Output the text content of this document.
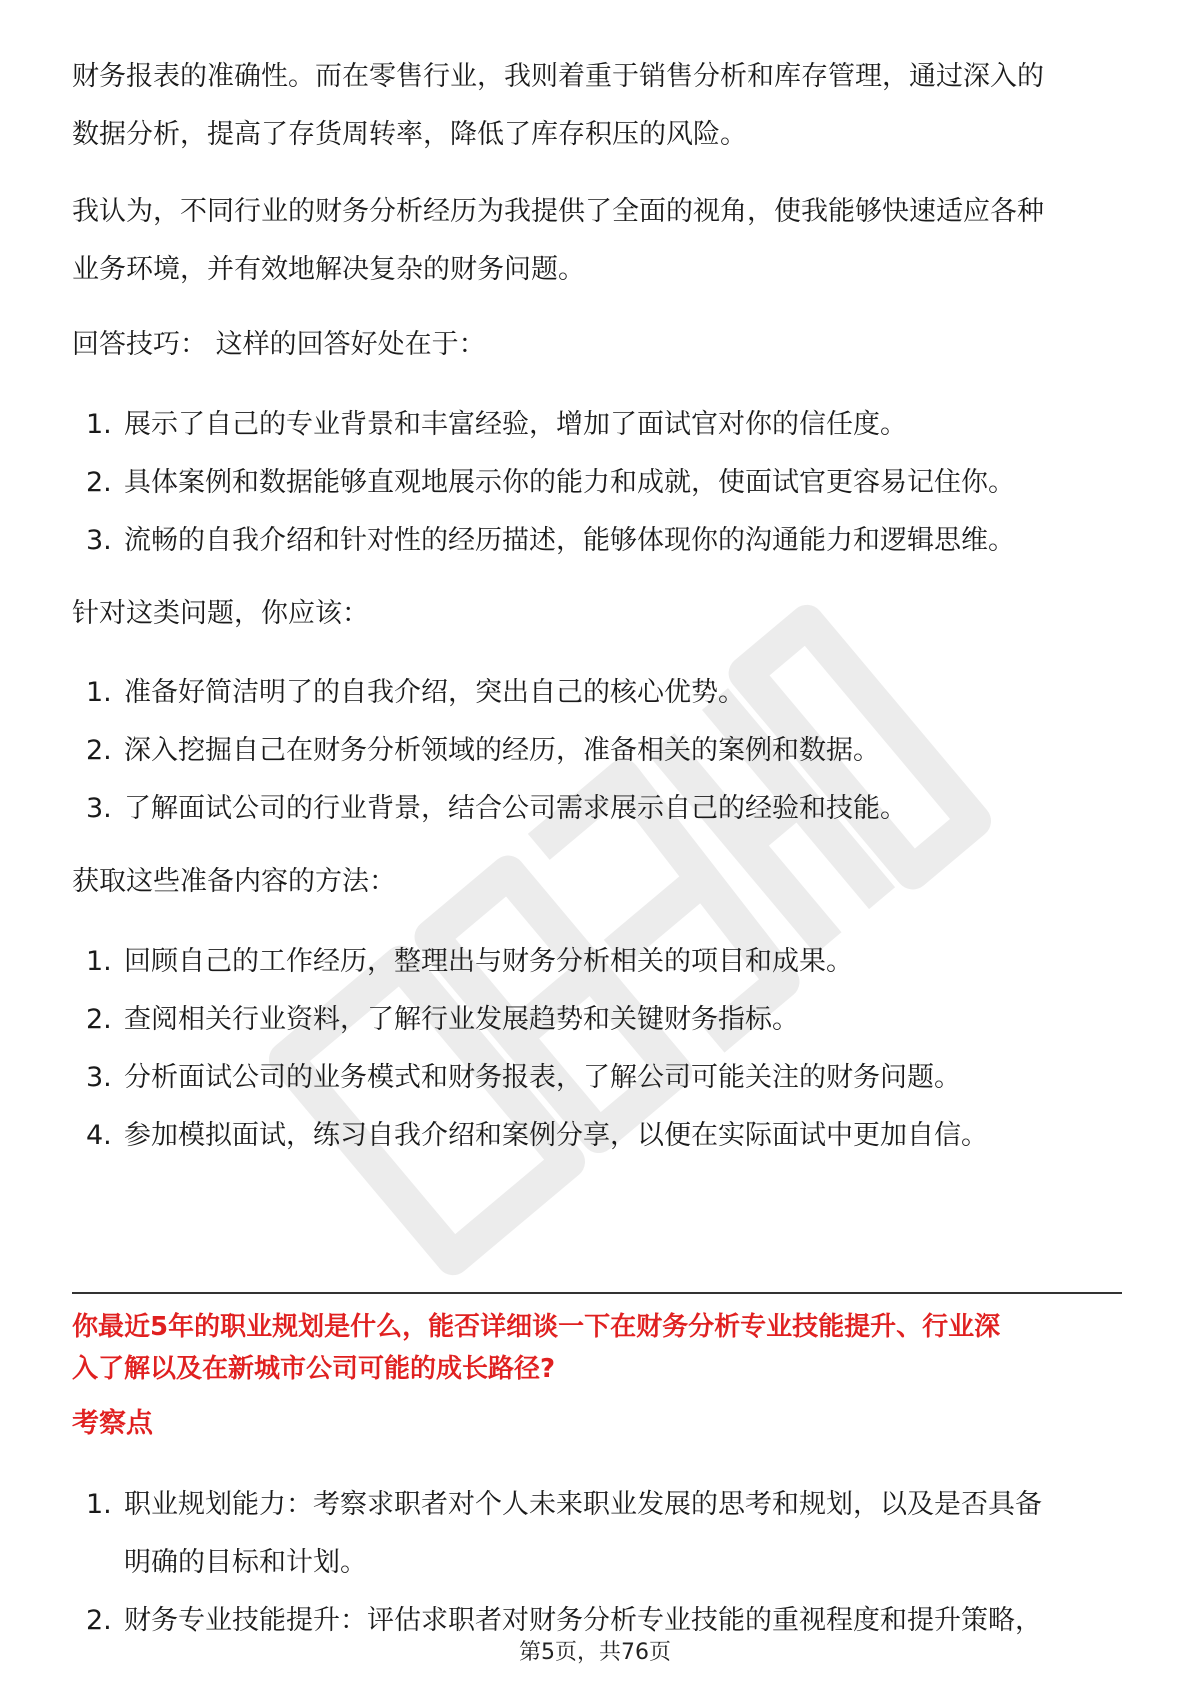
财务报表的准确性。而在零售行业，我则着重于销售分析和库存管理，通过深入的
数据分析，提高了存货周转率，降低了库存积压的风险。

我认为，不同行业的财务分析经历为我提供了全面的视角，使我能够快速适应各种
业务环境，并有效地解决复杂的财务问题。

回答技巧： 这样的回答好处在于：

1. 展示了自己的专业背景和丰富经验，增加了面试官对你的信任度。
2. 具体案例和数据能够直观地展示你的能力和成就，使面试官更容易记住你。
3. 流畅的自我介绍和针对性的经历描述，能够体现你的沟通能力和逻辑思维。

针对这类问题，你应该：

1. 准备好简洁明了的自我介绍，突出自己的核心优势。
2. 深入挖掘自己在财务分析领域的经历，准备相关的案例和数据。
3. 了解面试公司的行业背景，结合公司需求展示自己的经验和技能。

获取这些准备内容的方法：

1. 回顾自己的工作经历，整理出与财务分析相关的项目和成果。
2. 查阅相关行业资料，了解行业发展趋势和关键财务指标。
3. 分析面试公司的业务模式和财务报表，了解公司可能关注的财务问题。
4. 参加模拟面试，练习自我介绍和案例分享，以便在实际面试中更加自信。

你最近5年的职业规划是什么，能否详细谈一下在财务分析专业技能提升、行业深
入了解以及在新城市公司可能的成长路径?

考察点

1. 职业规划能力：考察求职者对个人未来职业发展的思考和规划，以及是否具备
明确的目标和计划。
2. 财务专业技能提升：评估求职者对财务分析专业技能的重视程度和提升策略，
第5页，共76页
